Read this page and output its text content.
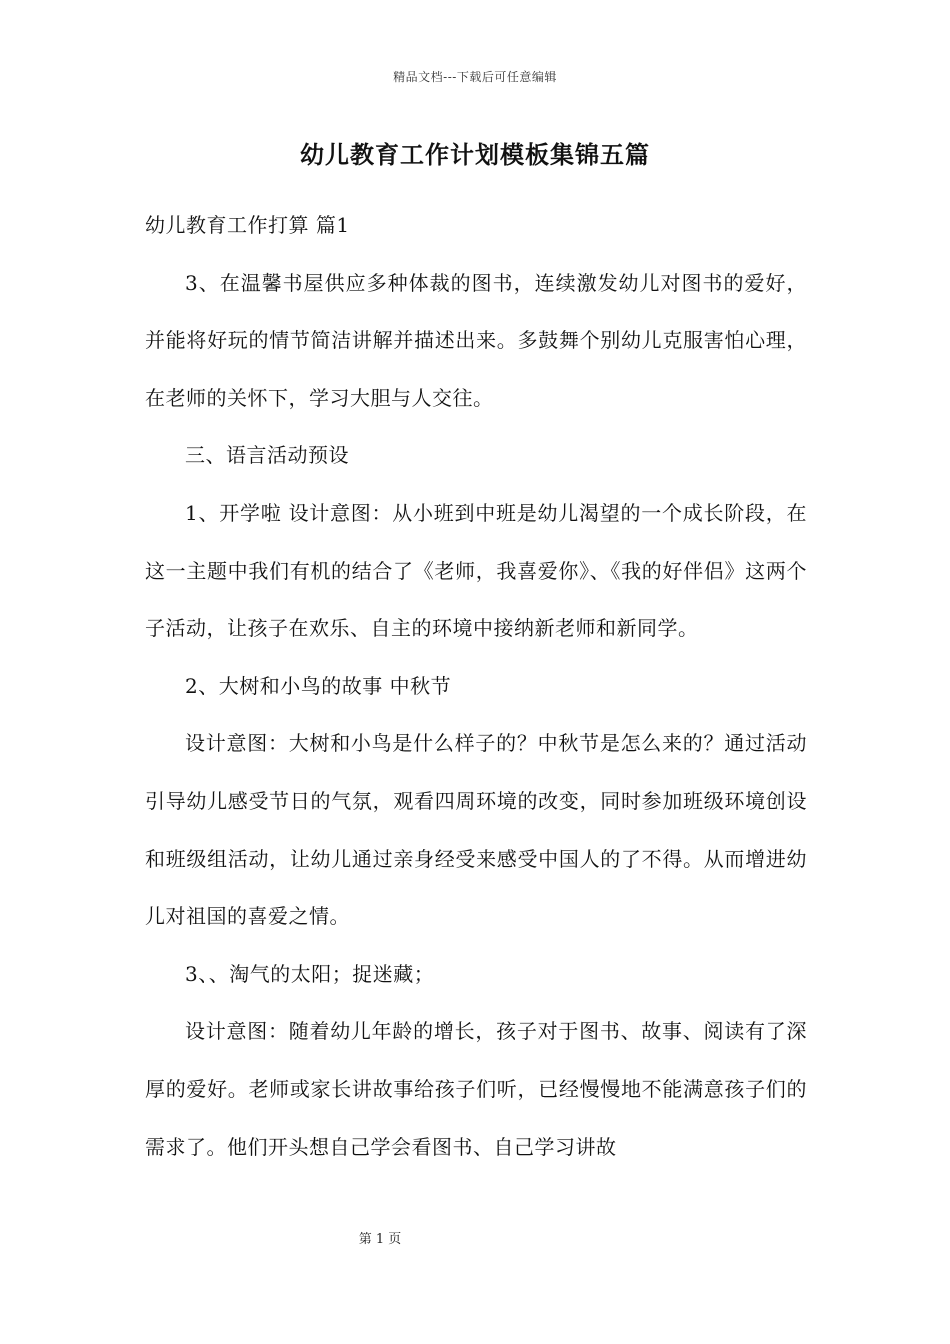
精品文档---下载后可任意编辑
幼儿教育工作计划模板集锦五篇

幼儿教育工作打算 篇1

3、在温馨书屋供应多种体裁的图书，连续激发幼儿对图书的爱好，并能将好玩的情节简洁讲解并描述出来。多鼓舞个别幼儿克服害怕心理，在老师的关怀下，学习大胆与人交往。

三、语言活动预设

1、开学啦 设计意图：从小班到中班是幼儿渴望的一个成长阶段，在这一主题中我们有机的结合了《老师，我喜爱你》、《我的好伴侣》这两个子活动，让孩子在欢乐、自主的环境中接纳新老师和新同学。

2、大树和小鸟的故事 中秋节

设计意图：大树和小鸟是什么样子的？中秋节是怎么来的？通过活动引导幼儿感受节日的气氛，观看四周环境的改变，同时参加班级环境创设和班级组活动，让幼儿通过亲身经受来感受中国人的了不得。从而增进幼儿对祖国的喜爱之情。

3、、淘气的太阳；捉迷藏；

设计意图：随着幼儿年龄的增长，孩子对于图书、故事、阅读有了深厚的爱好。老师或家长讲故事给孩子们听，已经慢慢地不能满意孩子们的需求了。他们开头想自己学会看图书、自己学习讲故

第 1 页
